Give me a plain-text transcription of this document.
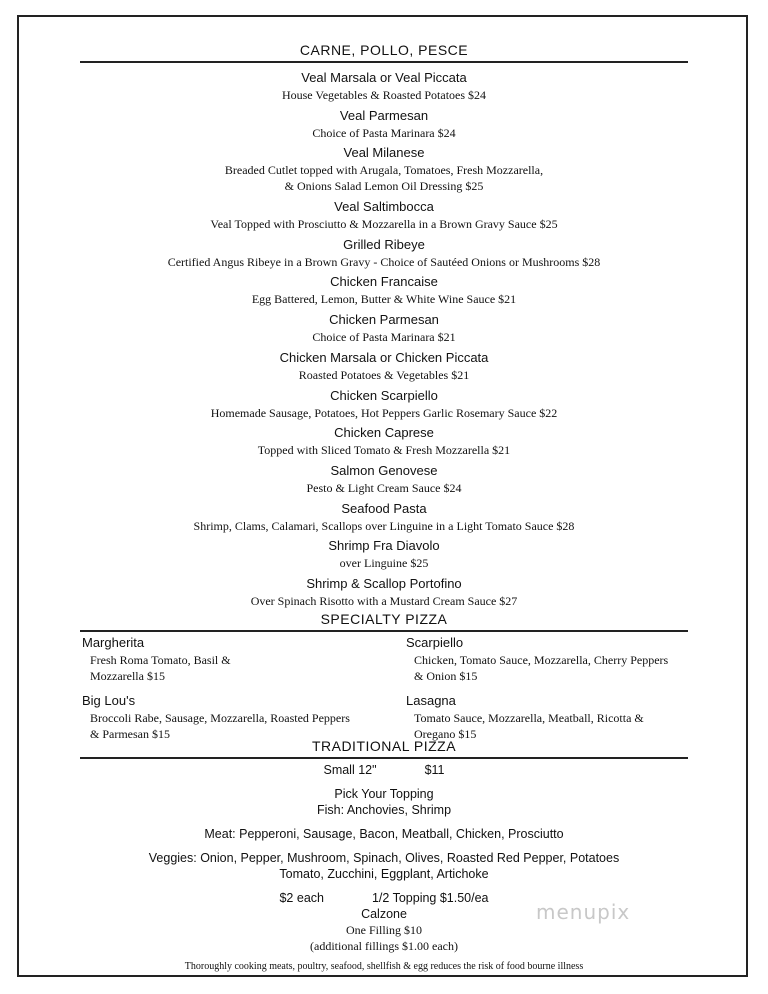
CARNE, POLLO, PESCE
Veal Marsala or Veal Piccata
House Vegetables & Roasted Potatoes $24
Veal Parmesan
Choice of Pasta Marinara $24
Veal Milanese
Breaded Cutlet topped with Arugala, Tomatoes, Fresh Mozzarella,
& Onions Salad Lemon Oil Dressing $25
Veal Saltimbocca
Veal Topped with Prosciutto & Mozzarella in a Brown Gravy Sauce $25
Grilled Ribeye
Certified Angus Ribeye in a Brown Gravy - Choice of Sautéed Onions or Mushrooms $28
Chicken Francaise
Egg Battered, Lemon, Butter & White Wine Sauce $21
Chicken Parmesan
Choice of Pasta Marinara $21
Chicken Marsala or Chicken Piccata
Roasted Potatoes & Vegetables $21
Chicken Scarpiello
Homemade Sausage, Potatoes, Hot Peppers Garlic Rosemary Sauce $22
Chicken Caprese
Topped with Sliced Tomato & Fresh Mozzarella $21
Salmon Genovese
Pesto & Light Cream Sauce $24
Seafood Pasta
Shrimp, Clams, Calamari, Scallops over Linguine in a Light Tomato Sauce $28
Shrimp Fra Diavolo
over Linguine $25
Shrimp & Scallop Portofino
Over Spinach Risotto with a Mustard Cream Sauce $27
SPECIALTY PIZZA
Margherita
Fresh Roma Tomato, Basil &
Mozzarella $15
Scarpiello
Chicken, Tomato Sauce, Mozzarella, Cherry Peppers
& Onion $15
Big Lou's
Broccoli Rabe, Sausage, Mozzarella, Roasted Peppers
& Parmesan $15
Lasagna
Tomato Sauce, Mozzarella, Meatball, Ricotta &
Oregano $15
TRADITIONAL PIZZA
Small 12"	$11
Pick Your Topping
Fish: Anchovies, Shrimp
Meat: Pepperoni, Sausage, Bacon, Meatball, Chicken, Prosciutto
Veggies: Onion, Pepper, Mushroom, Spinach, Olives, Roasted Red Pepper, Potatoes
Tomato, Zucchini, Eggplant, Artichoke
$2 each	1/2 Topping $1.50/ea
Calzone
One Filling $10
(additional fillings $1.00 each)
Thoroughly cooking meats, poultry, seafood, shellfish & egg reduces the risk of food bourne illness
menupix
